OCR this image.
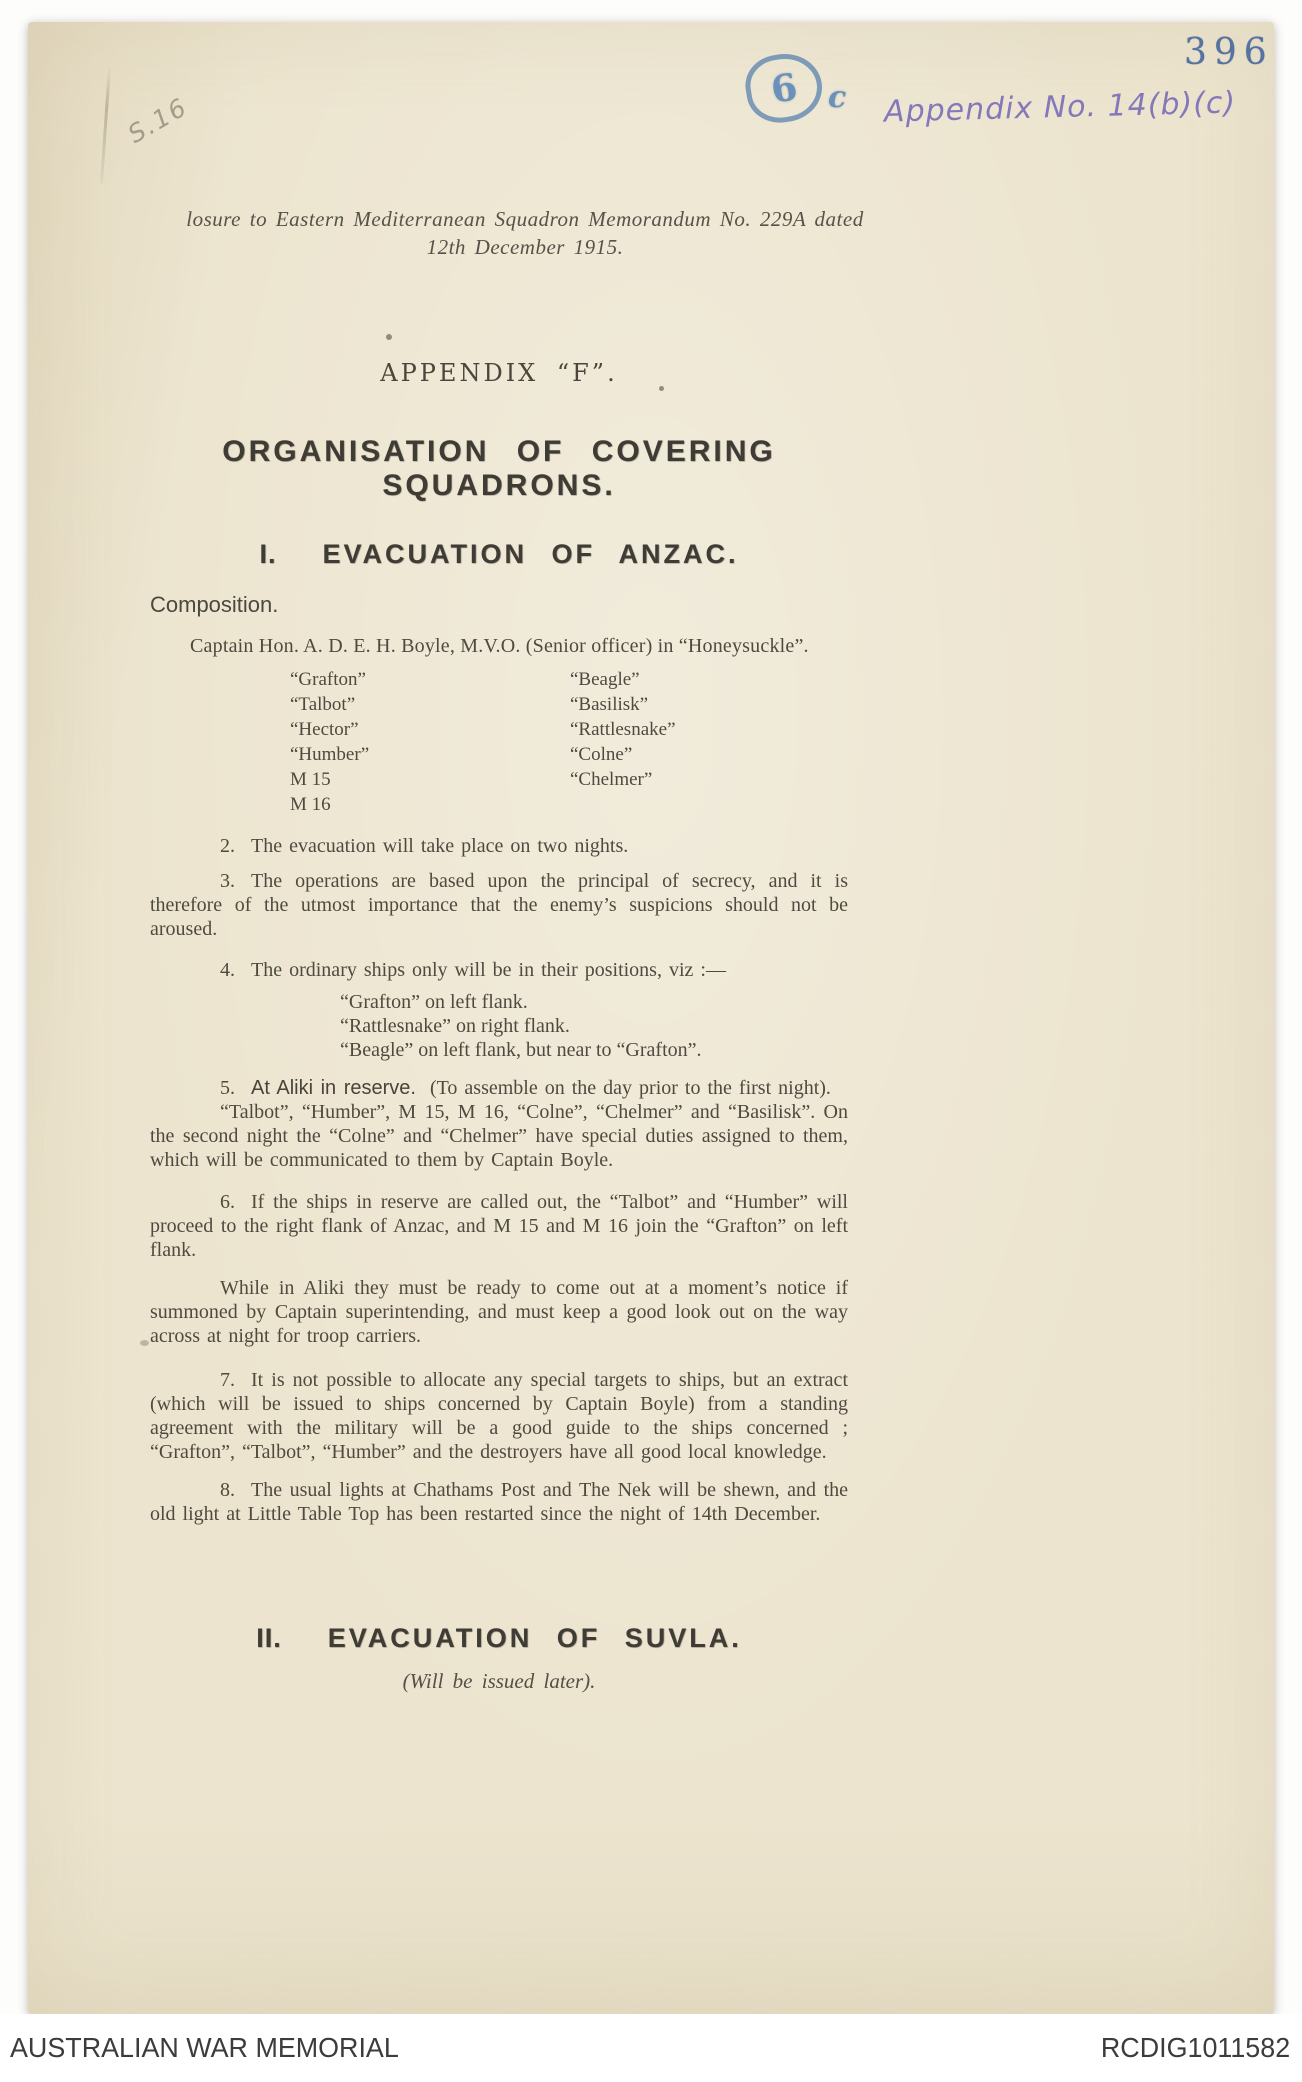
396
S.16
6 c Appendix No. 14(b)(c)
losure to Eastern Mediterranean Squadron Memorandum No. 229A dated
12th December 1915.
APPENDIX “F”.
ORGANISATION OF COVERING SQUADRONS.
I. EVACUATION OF ANZAC.
Composition.

Captain Hon. A. D. E. H. Boyle, M.V.O. (Senior officer) in “Honeysuckle”.

“Grafton”
“Talbot”
“Hector”
“Humber”
M 15
M 16
“Beagle”
“Basilisk”
“Rattlesnake”
“Colne”
“Chelmer”

2. The evacuation will take place on two nights.

3. The operations are based upon the principal of secrecy, and it is therefore of the utmost importance that the enemy’s suspicions should not be aroused.

4. The ordinary ships only will be in their positions, viz :—

“Grafton” on left flank.
“Rattlesnake” on right flank.
“Beagle” on left flank, but near to “Grafton”.

5. At Aliki in reserve. (To assemble on the day prior to the first night).

“Talbot”, “Humber”, M 15, M 16, “Colne”, “Chelmer” and “Basilisk”. On the second night the “Colne” and “Chelmer” have special duties assigned to them, which will be communicated to them by Captain Boyle.

6. If the ships in reserve are called out, the “Talbot” and “Humber” will proceed to the right flank of Anzac, and M 15 and M 16 join the “Grafton” on left flank.

While in Aliki they must be ready to come out at a moment’s notice if summoned by Captain superintending, and must keep a good look out on the way across at night for troop carriers.

7. It is not possible to allocate any special targets to ships, but an extract (which will be issued to ships concerned by Captain Boyle) from a standing agreement with the military will be a good guide to the ships concerned ; “Grafton”, “Talbot”, “Humber” and the destroyers have all good local knowledge.

8. The usual lights at Chathams Post and The Nek will be shewn, and the old light at Little Table Top has been restarted since the night of 14th December.

II. EVACUATION OF SUVLA.
(Will be issued later).
AUSTRALIAN WAR MEMORIAL	RCDIG1011582
